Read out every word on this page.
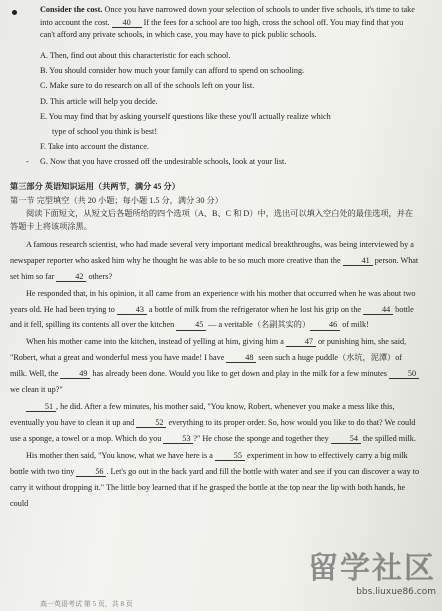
Consider the cost. Once you have narrowed down your selection of schools to under five schools, it's time to take into account the cost. 40 If the fees for a school are too high, cross the school off. You may find that you can't afford any private schools, in which case, you may have to pick public schools.

A. Then, find out about this characteristic for each school.
B. You should consider how much your family can afford to spend on schooling.
C. Make sure to do research on all of the schools left on your list.
D. This article will help you decide.
E. You may find that by asking yourself questions like these you'll actually realize which
type of school you think is best!
F. Take into account the distance.
- G. Now that you have crossed off the undesirable schools, look at your list.
第三部分 英语知识运用（共两节，满分 45 分）
第一节 完型填空（共 20 小题；每小题 1.5 分，满分 30 分）

阅读下面短文，从短文后各题所给的四个选项（A、B、C 和 D）中，选出可以填入空白处的最佳选项，并在答题卡上将该项涂黑。

A famous research scientist, who had made several very important medical breakthroughs, was being interviewed by a newspaper reporter who asked him why he thought he was able to be so much more creative than the 41 person. What set him so far 42 others?

He responded that, in his opinion, it all came from an experience with his mother that occurred when he was about two years old. He had been trying to 43 a bottle of milk from the refrigerator when he lost his grip on the 44 bottle and it fell, spilling its contents all over the kitchen 45 — a veritable（名副其实的） 46 of milk!

When his mother came into the kitchen, instead of yelling at him, giving him a 47 or punishing him, she said, "Robert, what a great and wonderful mess you have made! I have 48 seen such a huge puddle（水坑，泥潭）of milk. Well, the 49 has already been done. Would you like to get down and play in the milk for a few minutes 50 we clean it up?"

51 , he did. After a few minutes, his mother said, "You know, Robert, whenever you make a mess like this, eventually you have to clean it up and 52 everything to its proper order. So, how would you like to do that? We could use a sponge, a towel or a mop. Which do you 53 ?" He chose the sponge and together they 54 the spilled milk.

His mother then said, "You know, what we have here is a 55 experiment in how to effectively carry a big milk bottle with two tiny 56 . Let's go out in the back yard and fill the bottle with water and see if you can discover a way to carry it without dropping it." The little boy learned that if he grasped the bottle at the top near the lip with both hands, he could

留学社区
bbs.liuxue86.com
高一英语考试 第 5 页，共 8 页
